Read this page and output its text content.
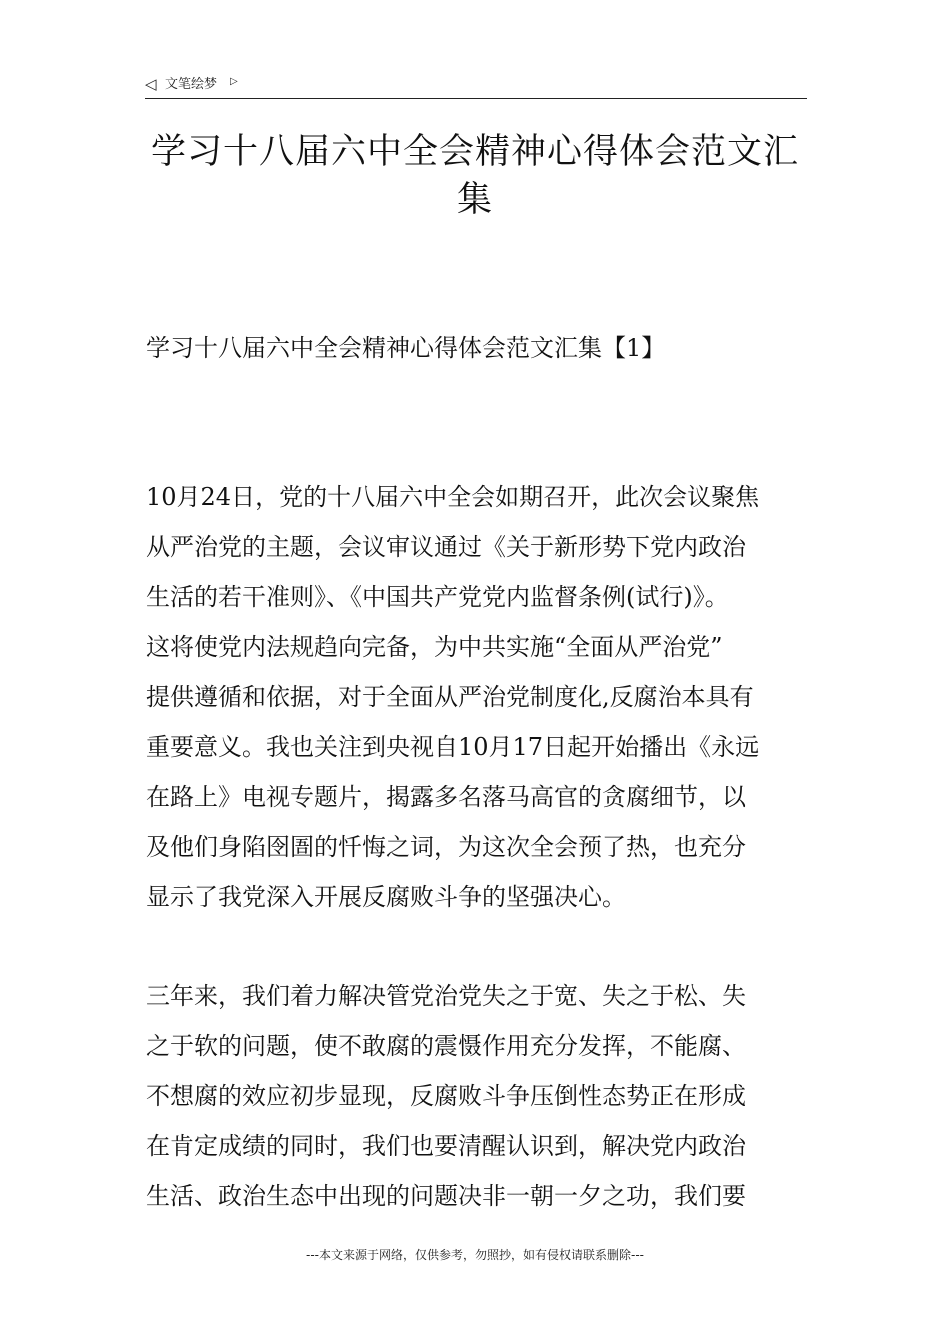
◁ 文笔绘梦 ▷
学习十八届六中全会精神心得体会范文汇
集
学习十八届六中全会精神心得体会范文汇集【1】
10月24日，党的十八届六中全会如期召开，此次会议聚焦
从严治党的主题，会议审议通过《关于新形势下党内政治
生活的若干准则》、《中国共产党党内监督条例(试行)》。
这将使党内法规趋向完备，为中共实施“全面从严治党”
提供遵循和依据，对于全面从严治党制度化,反腐治本具有
重要意义。我也关注到央视自10月17日起开始播出《永远
在路上》电视专题片，揭露多名落马高官的贪腐细节，以
及他们身陷囹圄的忏悔之词，为这次全会预了热，也充分
显示了我党深入开展反腐败斗争的坚强决心。
三年来，我们着力解决管党治党失之于宽、失之于松、失
之于软的问题，使不敢腐的震慑作用充分发挥，不能腐、
不想腐的效应初步显现，反腐败斗争压倒性态势正在形成
在肯定成绩的同时，我们也要清醒认识到，解决党内政治
生活、政治生态中出现的问题决非一朝一夕之功，我们要
---本文来源于网络，仅供参考，勿照抄，如有侵权请联系删除---
